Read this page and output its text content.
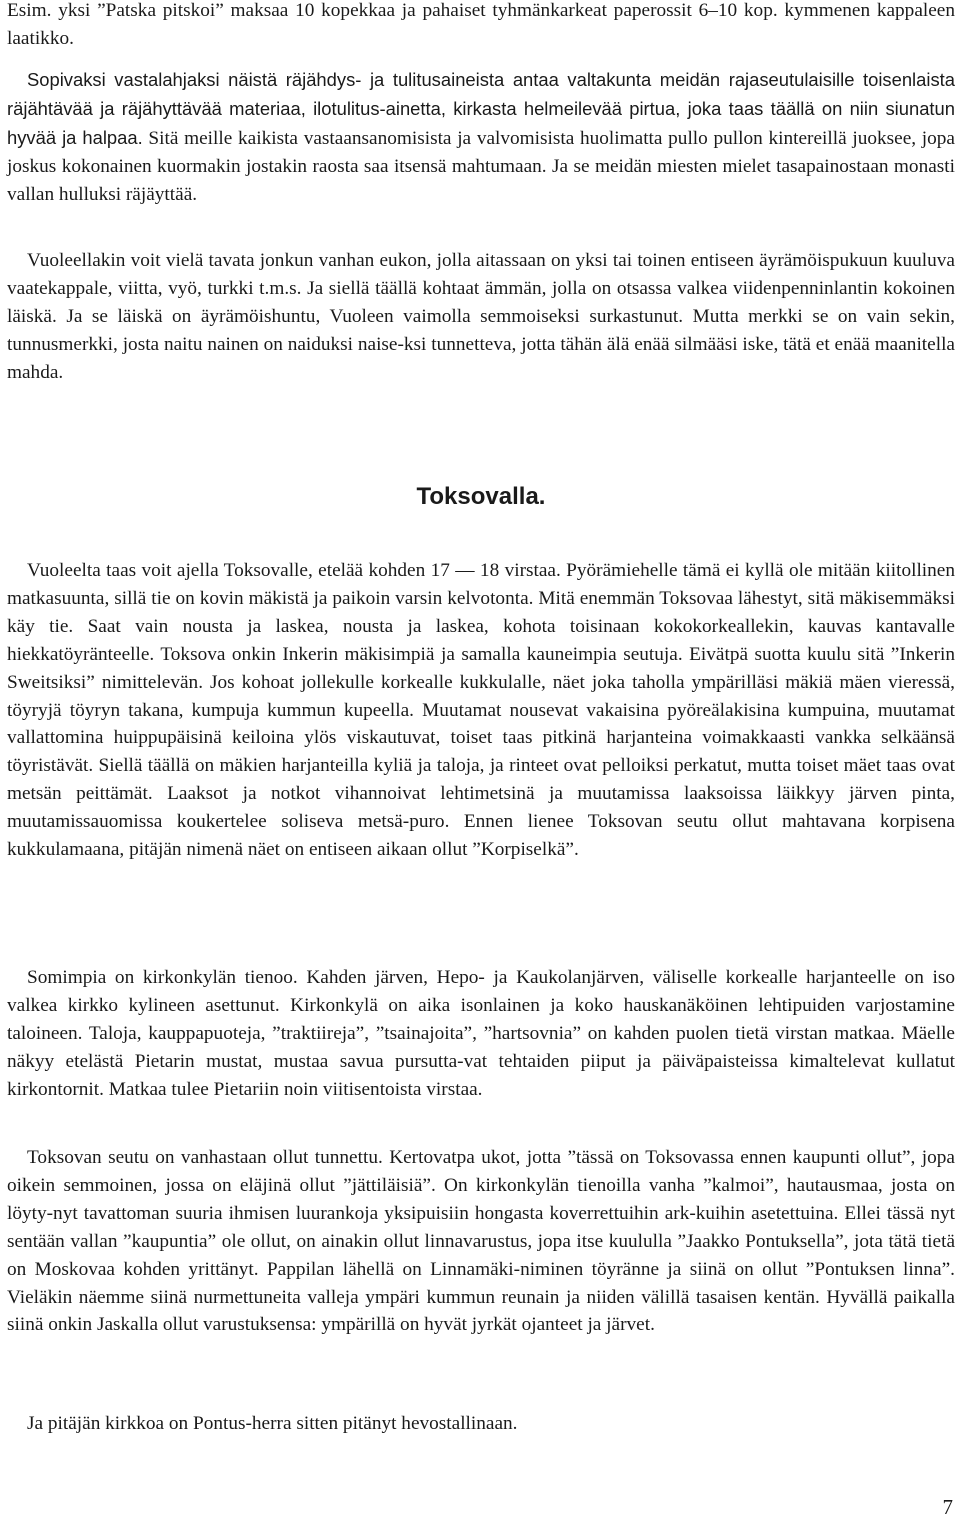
Esim. yksi ”Patska pitskoi” maksaa 10 kopekkaa ja pahaiset tyhmänkarkeat paperossit 6–10 kop. kymmenen kappaleen laatikko.

Sopivaksi vastalahjaksi näistä räjähdys- ja tulitusaineista antaa valtakunta meidän rajaseutulaisille toisenlaista räjähtävää ja räjähyttävää materiaa, ilotulitus-ainetta, kirkasta helmeilevää pirtua, joka taas täällä on niin siunatun hyvää ja halpaa. Sitä meille kaikista vastaansanomisista ja valvomisista huolimatta pullo pullon kintereillä juoksee, jopa joskus kokonainen kuormakin jostakin raosta saa itsensä mahtumaan. Ja se meidän miesten mielet tasapainostaan monasti vallan hulluksi räjäyttää.

Vuoleellakin voit vielä tavata jonkun vanhan eukon, jolla aitassaan on yksi tai toinen entiseen äyrämöispukuun kuuluva vaatekappale, viitta, vyö, turkki t.m.s. Ja siellä täällä kohtaat ämmän, jolla on otsassa valkea viidenpenninlantin kokoinen läiskä. Ja se läiskä on äyrämöishuntu, Vuoleen vaimolla semmoiseksi surkastunut. Mutta merkki se on vain sekin, tunnusmerkki, josta naitu nainen on naiduksi naise-ksi tunnetteva, jotta tähän älä enää silmääsi iske, tätä et enää maanitella mahda.

Toksovalla.

Vuoleelta taas voit ajella Toksovalle, etelää kohden 17 — 18 virstaa. Pyörämiehelle tämä ei kyllä ole mitään kiitollinen matkasuunta, sillä tie on kovin mäkistä ja paikoin varsin kelvotonta. Mitä enemmän Toksovaa lähestyt, sitä mäkisemmäksi käy tie. Saat vain nousta ja laskea, nousta ja laskea, kohota toisinaan kokokorkeallekin, kauvas kantavalle hiekkatöyränteelle. Toksova onkin Inkerin mäkisimpiä ja samalla kauneimpia seutuja. Eivätpä suotta kuulu sitä ”Inkerin Sweitsiksi” nimittelevän. Jos kohoat jollekulle korkealle kukkulalle, näet joka taholla ympärilläsi mäkiä mäen vieressä, töyryjä töyryn takana, kumpuja kummun kupeella. Muutamat nousevat vakaisina pyöreälakisina kumpuina, muutamat vallattomina huippupäisinä keiloina ylös viskautuvat, toiset taas pitkinä harjanteina voimakkaasti vankka selkäänsä töyristävät. Siellä täällä on mäkien harjanteilla kyliä ja taloja, ja rinteet ovat pelloiksi perkatut, mutta toiset mäet taas ovat metsän peittämät. Laaksot ja notkot vihannoivat lehtimetsinä ja muutamissa laaksoissa läikkyy järven pinta, muutamissauomissa koukertelee soliseva metsä-puro. Ennen lienee Toksovan seutu ollut mahtavana korpisena kukkulamaana, pitäjän nimenä näet on entiseen aikaan ollut ”Korpiselkä”.

Somimpia on kirkonkylän tienoo. Kahden järven, Hepo- ja Kaukolanjärven, väliselle korkealle harjanteelle on iso valkea kirkko kylineen asettunut. Kirkonkylä on aika isonlainen ja koko hauskanäköinen lehtipuiden varjostamine taloineen. Taloja, kauppapuoteja, ”traktiireja”, ”tsainajoita”, ”hartsovnia” on kahden puolen tietä virstan matkaa. Mäelle näkyy etelästä Pietarin mustat, mustaa savua pursutta-vat tehtaiden piiput ja päiväpaisteissa kimaltelevat kullatut kirkontornit. Matkaa tulee Pietariin noin viitisentoista virstaa.

Toksovan seutu on vanhastaan ollut tunnettu. Kertovatpa ukot, jotta ”tässä on Toksovassa ennen kaupunti ollut”, jopa oikein semmoinen, jossa on eläjinä ollut ”jättiläisiä”. On kirkonkylän tienoilla vanha ”kalmoi”, hautausmaa, josta on löyty-nyt tavattoman suuria ihmisen luurankoja yksipuisiin hongasta koverrettuihin ark-kuihin asetettuina. Ellei tässä nyt sentään vallan ”kaupuntia” ole ollut, on ainakin ollut linnavarustus, jopa itse kuululla ”Jaakko Pontuksella”, jota tätä tietä on Moskovaa kohden yrittänyt. Pappilan lähellä on Linnamäki-niminen töyränne ja siinä on ollut ”Pontuksen linna”. Vieläkin näemme siinä nurmettuneita valleja ympäri kummun reunain ja niiden välillä tasaisen kentän. Hyvällä paikalla siinä onkin Jaskalla ollut varustuksensa: ympärillä on hyvät jyrkät ojanteet ja järvet.

Ja pitäjän kirkkoa on Pontus-herra sitten pitänyt hevostallinaan.

7
